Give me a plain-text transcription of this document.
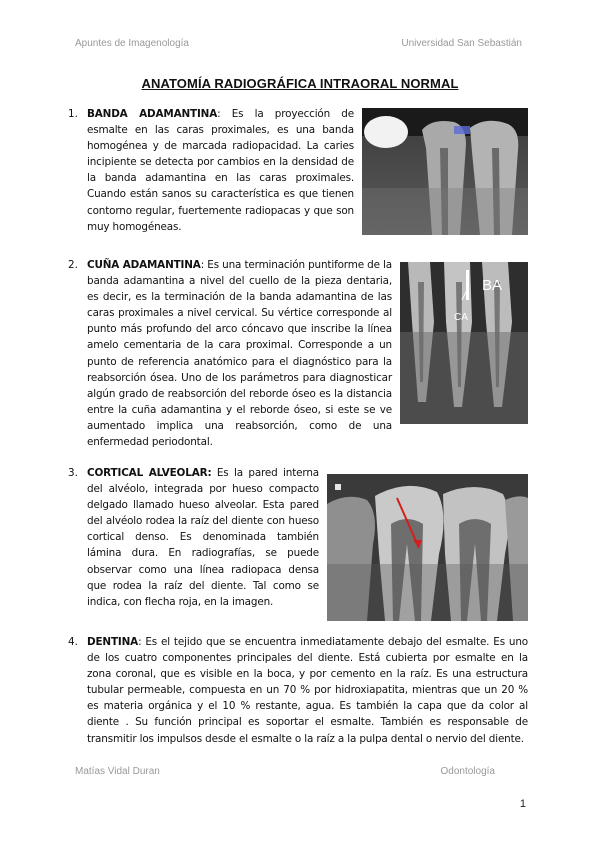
Apuntes de Imagenología	Universidad San Sebastián
ANATOMÍA RADIOGRÁFICA INTRAORAL NORMAL
1. BANDA ADAMANTINA: Es la proyección de esmalte en las caras proximales, es una banda homogénea y de marcada radiopacidad. La caries incipiente se detecta por cambios en la densidad de la banda adamantina en las caras proximales. Cuando están sanos su característica es que tienen contorno regular, fuertemente radiopacas y que son muy homogéneas.
2. CUÑA ADAMANTINA: Es una terminación puntiforme de la banda adamantina a nivel del cuello de la pieza dentaria, es decir, es la terminación de la banda adamantina de las caras proximales a nivel cervical. Su vértice corresponde al punto más profundo del arco cóncavo que inscribe la línea amelo cementaria de la cara proximal. Corresponde a un punto de referencia anatómico para el diagnóstico para la reabsorción ósea. Uno de los parámetros para diagnosticar algún grado de reabsorción del reborde óseo es la distancia entre la cuña adamantina y el reborde óseo, si este se ve aumentado implica una reabsorción, como de una enfermedad periodontal.
BA
CA
3. CORTICAL ALVEOLAR: Es la pared interna del alvéolo, integrada por hueso compacto delgado llamado hueso alveolar. Esta pared del alvéolo rodea la raíz del diente con hueso cortical denso. Es denominada también lámina dura. En radiografías, se puede observar como una línea radiopaca densa que rodea la raíz del diente. Tal como se indica, con flecha roja, en la imagen.
4. DENTINA: Es el tejido que se encuentra inmediatamente debajo del esmalte. Es uno de los cuatro componentes principales del diente. Está cubierta por esmalte en la zona coronal, que es visible en la boca, y por cemento en la raíz. Es una estructura tubular permeable, compuesta en un 70 % por hidroxiapatita, mientras que un 20 % es materia orgánica y el 10 % restante, agua. Es también la capa que da color al diente . Su función principal es soportar el esmalte. También es responsable de transmitir los impulsos desde el esmalte o la raíz a la pulpa dental o nervio del diente.
Matías Vidal Duran	Odontología
1
